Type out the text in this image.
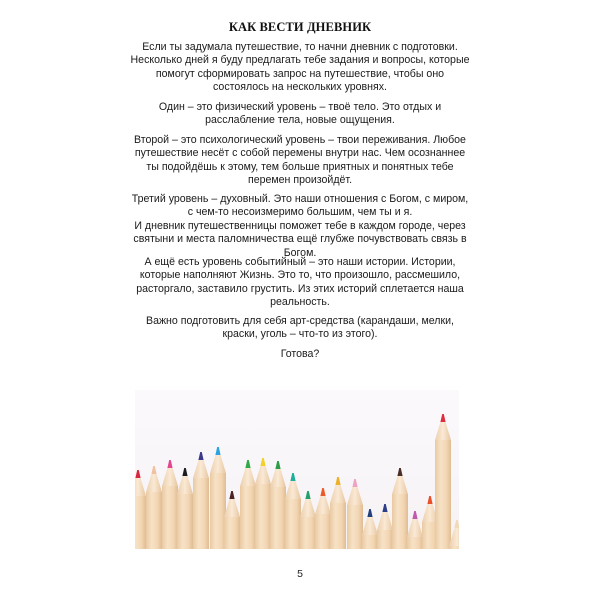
КАК ВЕСТИ ДНЕВНИК

Если ты задумала путешествие, то начни дневник с подготовки.
Несколько дней я буду предлагать тебе задания и вопросы, которые
помогут сформировать запрос на путешествие, чтобы оно
состоялось на нескольких уровнях.

Один – это физический уровень – твоё тело. Это отдых и
расслабление тела, новые ощущения.

Второй – это психологический уровень – твои переживания. Любое
путешествие несёт с собой перемены внутри нас. Чем осознаннее
ты подойдёшь к этому, тем больше приятных и понятных тебе
перемен произойдёт.

Третий уровень – духовный. Это наши отношения с Богом, с миром,
с чем-то несоизмеримо большим, чем ты и я.
И дневник путешественницы поможет тебе в каждом городе, через
святыни и места паломничества ещё глубже почувствовать связь в
Богом.

А ещё есть уровень событийный – это наши истории. Истории,
которые наполняют Жизнь. Это то, что произошло, рассмешило,
расторгало, заставило грустить. Из этих историй сплетается наша
реальность.

Важно подготовить для себя арт-средства (карандаши, мелки,
краски, уголь – что-то из этого).

Готова?

5
